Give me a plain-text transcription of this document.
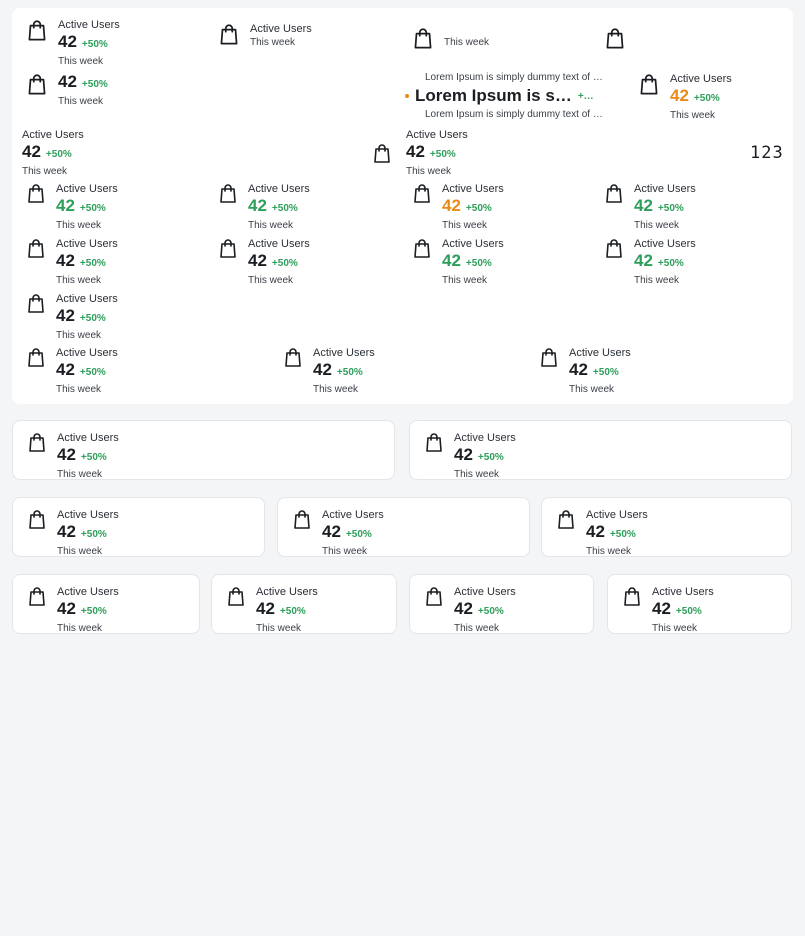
Active Users
42 +50%
This week
42 +50%
This week
Active Users
This week	This week
Lorem Ipsum is simply dummy text of …
Lorem Ipsum is s… +…
Lorem Ipsum is simply dummy text of …
Active Users
42 +50%
This week
Active Users
42 +50%
This week
Active Users
42 +50%
This week
123
Active Users
42 +50%
This week
Active Users
42 +50%
This week
Active Users
42 +50%
This week
Active Users
42 +50%
This week
Active Users
42 +50%
This week
Active Users
42 +50%
This week
Active Users
42 +50%
This week
Active Users
42 +50%
This week
Active Users
42 +50%
This week
Active Users
42 +50%
This week
Active Users
42 +50%
This week
Active Users
42 +50%
This week
Active Users
42 +50%
This week
Active Users
42 +50%
This week
Active Users
42 +50%
This week
Active Users
42 +50%
This week
Active Users
42 +50%
This week
Active Users
42 +50%
This week
Active Users
42 +50%
This week
Active Users
42 +50%
This week
Active Users
42 +50%
This week
